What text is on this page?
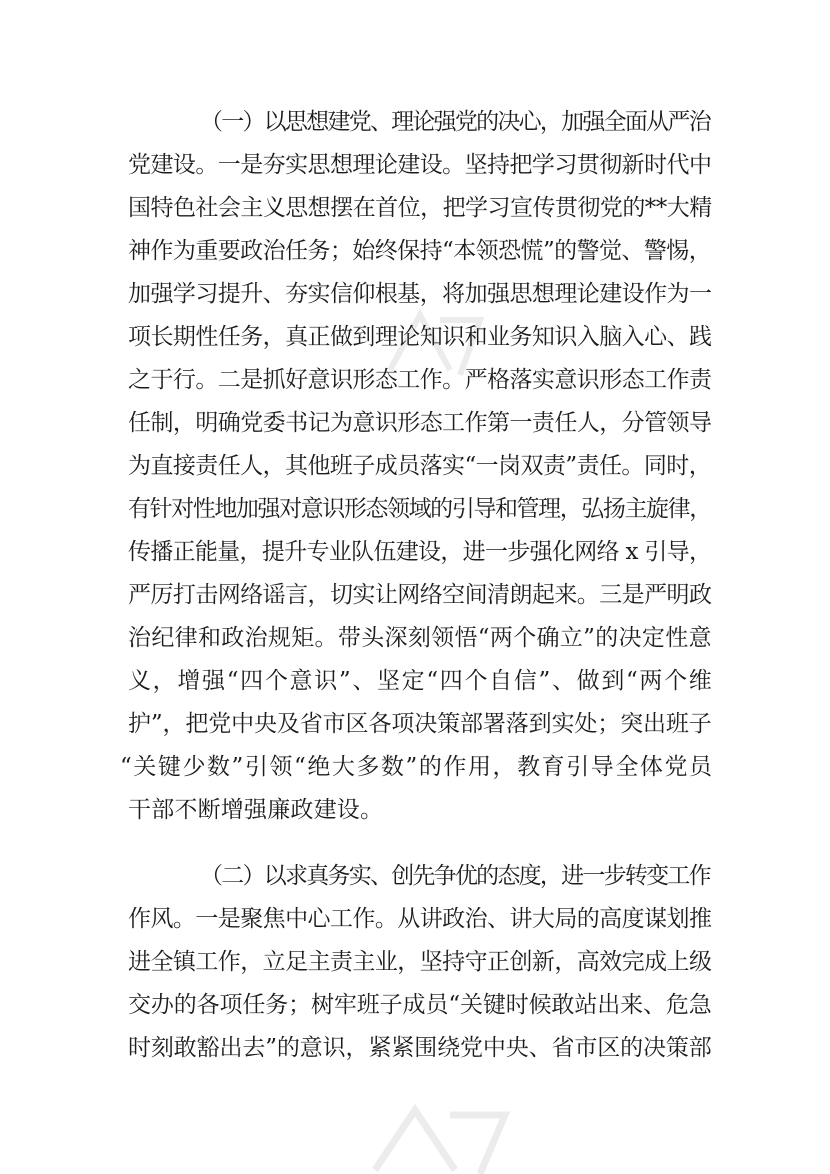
（一）以思想建党、理论强党的决心，加强全面从严治
党建设。一是夯实思想理论建设。坚持把学习贯彻新时代中
国特色社会主义思想摆在首位，把学习宣传贯彻党的**大精
神作为重要政治任务；始终保持“本领恐慌”的警觉、警惕，
加强学习提升、夯实信仰根基，将加强思想理论建设作为一
项长期性任务，真正做到理论知识和业务知识入脑入心、践
之于行。二是抓好意识形态工作。严格落实意识形态工作责
任制，明确党委书记为意识形态工作第一责任人，分管领导
为直接责任人，其他班子成员落实“一岗双责”责任。同时，
有针对性地加强对意识形态领域的引导和管理，弘扬主旋律，
传播正能量，提升专业队伍建设，进一步强化网络 x 引导，
严厉打击网络谣言，切实让网络空间清朗起来。三是严明政
治纪律和政治规矩。带头深刻领悟“两个确立”的决定性意
义，增强“四个意识”、坚定“四个自信”、做到“两个维
护”，把党中央及省市区各项决策部署落到实处；突出班子
“关键少数”引领“绝大多数”的作用，教育引导全体党员
干部不断增强廉政建设。
（二）以求真务实、创先争优的态度，进一步转变工作
作风。一是聚焦中心工作。从讲政治、讲大局的高度谋划推
进全镇工作，立足主责主业，坚持守正创新，高效完成上级
交办的各项任务；树牢班子成员“关键时候敢站出来、危急
时刻敢豁出去”的意识，紧紧围绕党中央、省市区的决策部
